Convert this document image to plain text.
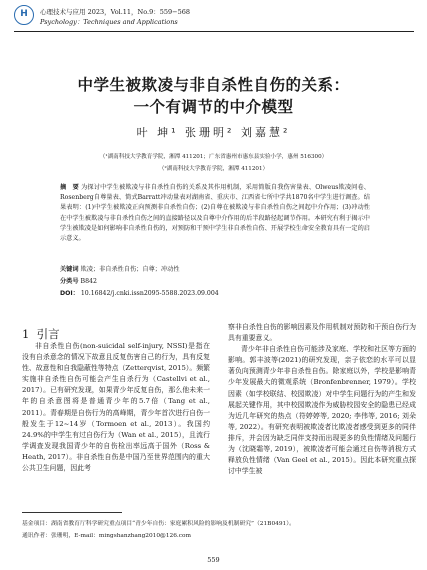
H	心理技术与应用 2023，Vol.11，No.9：559−568
Psychology：Techniques and Applications
中学生被欺凌与非自杀性自伤的关系：
一个有调节的中介模型
叶 坤¹ 张珊明² 刘嘉慧²
（¹湖南科技大学教育学院，湘潭 411201；广东省惠州市惠东县实验小学，惠州 516300）
（²湖南科技大学教育学院，湘潭 411201）
摘　要 为探讨中学生被欺凌与非自杀性自伤的关系及其作用机制，采用简版自我伤害量表、Olweus欺凌问卷、Rosenberg自尊量表、简式Barratt冲动量表对湖南省、重庆市、江西省七所中学共1870名中学生进行调查。结果表明：(1)中学生被欺凌正向预测非自杀性自伤；(2)自尊在被欺凌与非自杀性自伤之间起中介作用；(3)冲动性在中学生被欺凌与非自杀性自伤之间的直接路径以及自尊中介作用的后半段路径起调节作用。本研究有利于揭示中学生被欺凌是如何影响非自杀性自伤的，对预防和干预中学生非自杀性自伤、开展学校生命安全教育具有一定的启示意义。
关键词 欺凌；非自杀性自伤；自尊；冲动性
分类号 B842
DOI： 10.16842/j.cnki.issn2095-5588.2023.09.004
1 引言

非自杀性自伤(non-suicidal self-injury, NSSI)是指在没有自杀意念的情况下故意且反复伤害自己的行为，具有反复性、故意性和自我隐蔽性等特点（Zetterqvist, 2015）。频繁实施非自杀性自伤可能会产生自杀行为（Castellvi et al., 2017）。已有研究发现，如果青少年反复自伤，那么他未来一年的自杀意图将是普通青少年的5.7倍（Tang et al., 2011）。青春期是自伤行为的高峰期，青少年首次进行自伤一般发生于12~14岁（Tormoen et al., 2013）。我国约24.9%的中学生有过自伤行为（Wan et al., 2015），且流行学调查发现我国青少年的自伤检出率远高于国外（Ross & Heath, 2017）。非自杀性自伤是中国乃至世界范围内的重大公共卫生问题，因此考

察非自杀性自伤的影响因素及作用机制对预防和干预自伤行为具有重要意义。

青少年非自杀性自伤可能涉及家庭、学校和社区等方面的影响。郭丰波等(2021)的研究发现，亲子依恋的水平可以显著负向预测青少年非自杀性自伤。除家庭以外，学校是影响青少年发展最大的微观系统（Bronfenbrenner, 1979）。学校因素（如学校联结、校园欺凌）对中学生问题行为的产生和发展起关键作用，其中校园欺凌作为威胁校园安全的隐患已经成为近几年研究的热点（符婷婷等, 2020; 李伟等, 2016; 刘朵等, 2022）。有研究表明被欺凌者比欺凌者感受到更多的同伴排斥，并会因为缺乏同伴支持而出现更多的负性情绪及问题行为（沈晓霜等, 2019），被欺凌者可能会通过自伤等消极方式释放负性情绪（Van Geel et al., 2015）。因此本研究重点探讨中学生被

基金项目：湖南省教育厅科学研究重点项目“青少年自伤：家庭累积风险的影响及机制研究”（21B0491）。
通讯作者：张珊明，E-mail：mingshanzhang2010@126.com
559
